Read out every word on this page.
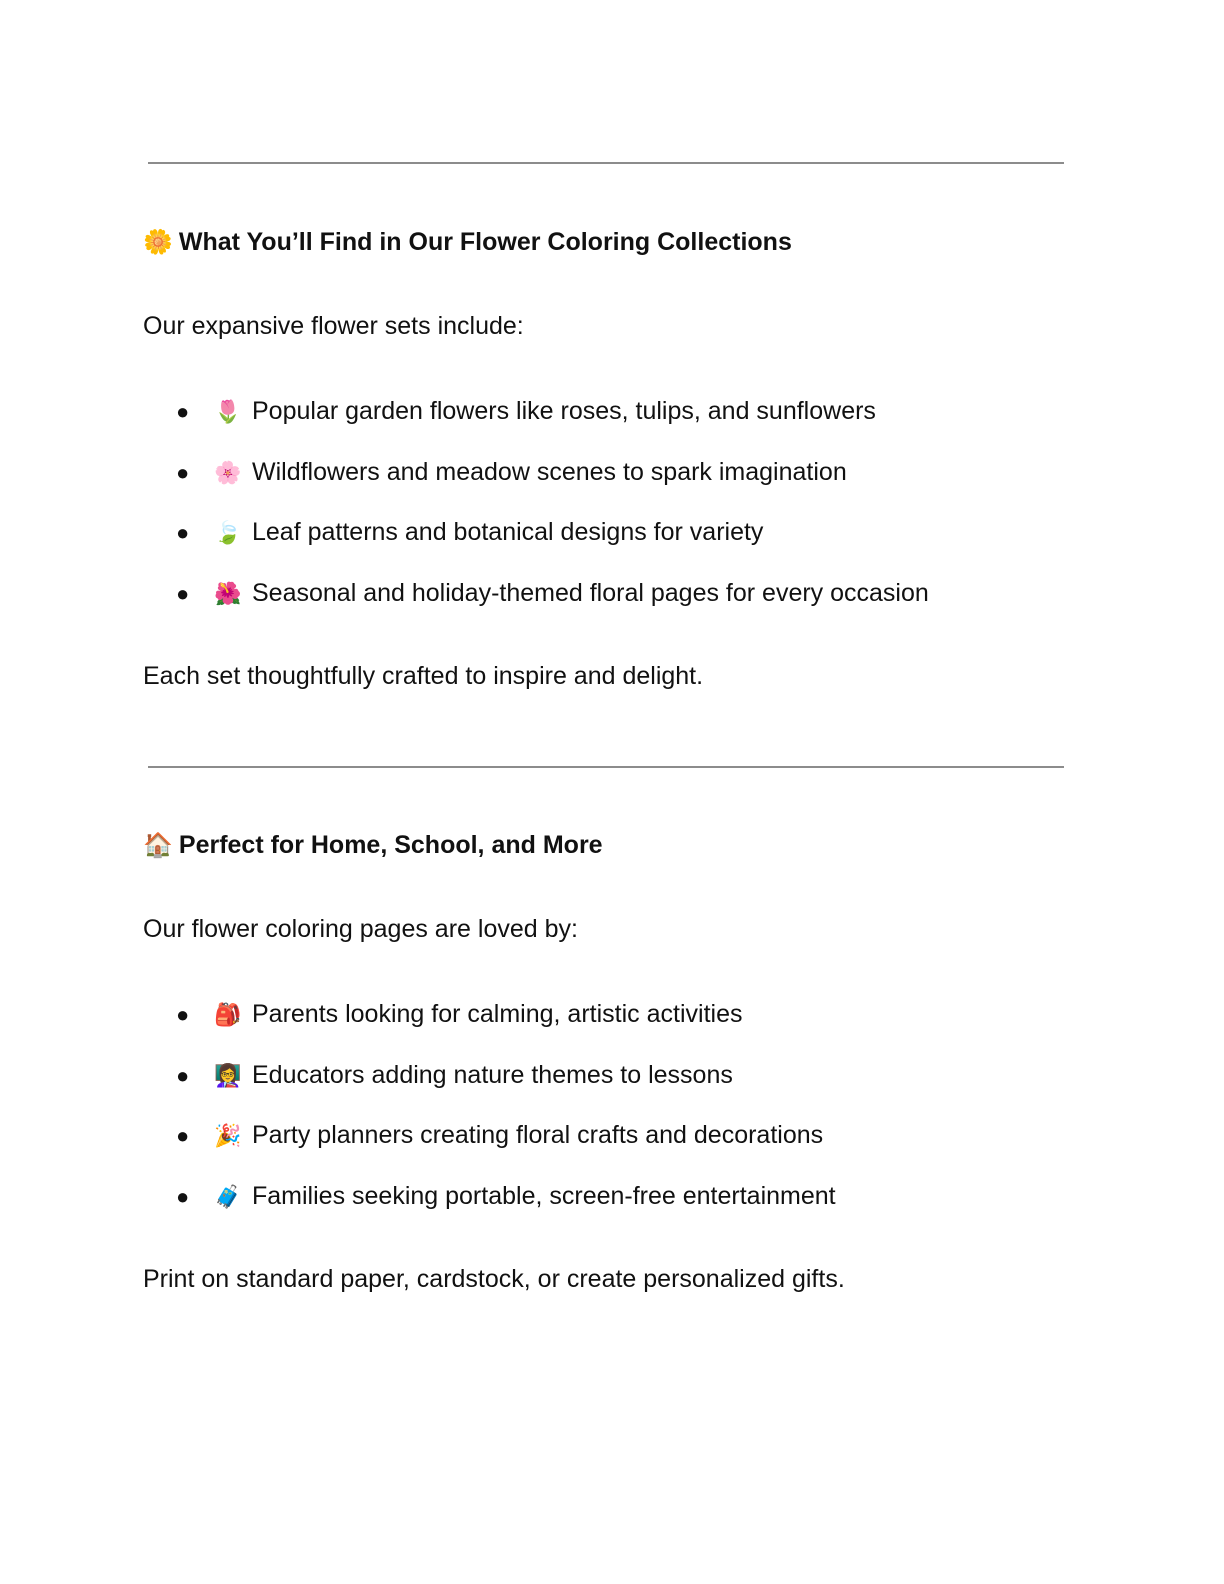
🌼 What You’ll Find in Our Flower Coloring Collections
Our expansive flower sets include:
● 🌷 Popular garden flowers like roses, tulips, and sunflowers
● 🌸 Wildflowers and meadow scenes to spark imagination
● 🍃 Leaf patterns and botanical designs for variety
● 🌺 Seasonal and holiday-themed floral pages for every occasion
Each set thoughtfully crafted to inspire and delight.
🏠 Perfect for Home, School, and More
Our flower coloring pages are loved by:
● 🎒 Parents looking for calming, artistic activities
● 👩‍🏫 Educators adding nature themes to lessons
● 🎉 Party planners creating floral crafts and decorations
● 🧳 Families seeking portable, screen-free entertainment
Print on standard paper, cardstock, or create personalized gifts.
